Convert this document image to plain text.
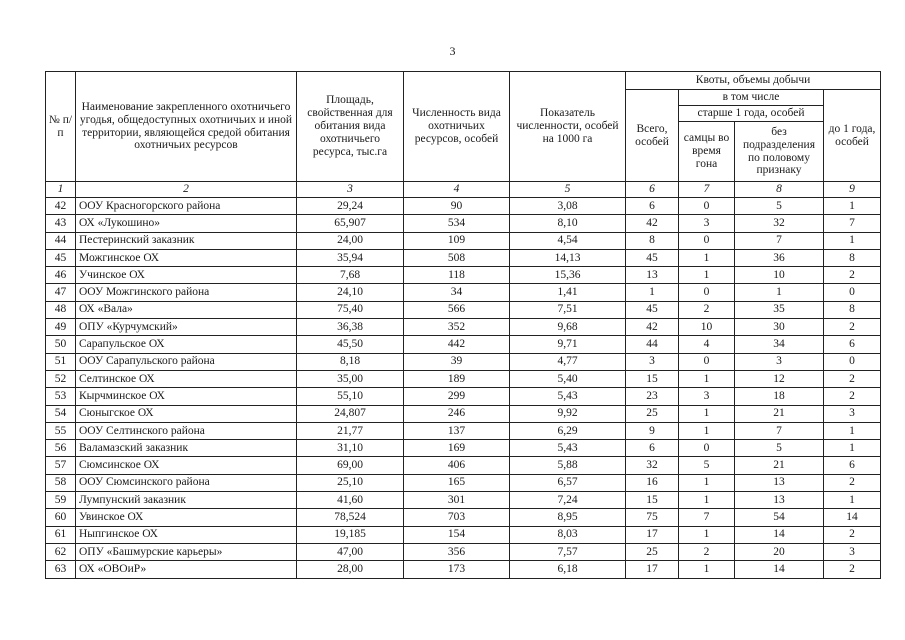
3
№ п/п	Наименование закрепленного охотничьего угодья, общедоступных охотничьих и иной территории, являющейся средой обитания охотничьих ресурсов	Площадь, свойственная для обитания вида охотничьего ресурса, тыс.га	Численность вида охотничьих ресурсов, особей	Показатель численности, особей на 1000 га	Квоты, объемы добычи			
					Всего, особей	в том числе		до 1 года, особей
						старше 1 года, особей		
						самцы во время гона	без подразделения по половому признаку	
1	2	3	4	5	6	7	8	9
42	ООУ Красногорского района	29,24	90	3,08	6	0	5	1
43	ОХ «Лукошино»	65,907	534	8,10	42	3	32	7
44	Пестеринский заказник	24,00	109	4,54	8	0	7	1
45	Можгинское ОХ	35,94	508	14,13	45	1	36	8
46	Учинское ОХ	7,68	118	15,36	13	1	10	2
47	ООУ Можгинского района	24,10	34	1,41	1	0	1	0
48	ОХ «Вала»	75,40	566	7,51	45	2	35	8
49	ОПУ «Курчумский»	36,38	352	9,68	42	10	30	2
50	Сарапульское ОХ	45,50	442	9,71	44	4	34	6
51	ООУ Сарапульского района	8,18	39	4,77	3	0	3	0
52	Селтинское ОХ	35,00	189	5,40	15	1	12	2
53	Кырчминское ОХ	55,10	299	5,43	23	3	18	2
54	Сюныгское ОХ	24,807	246	9,92	25	1	21	3
55	ООУ Селтинского района	21,77	137	6,29	9	1	7	1
56	Валамазский заказник	31,10	169	5,43	6	0	5	1
57	Сюмсинское ОХ	69,00	406	5,88	32	5	21	6
58	ООУ Сюмсинского района	25,10	165	6,57	16	1	13	2
59	Лумпунский заказник	41,60	301	7,24	15	1	13	1
60	Увинское ОХ	78,524	703	8,95	75	7	54	14
61	Ныпгинское ОХ	19,185	154	8,03	17	1	14	2
62	ОПУ «Башмурские карьеры»	47,00	356	7,57	25	2	20	3
63	ОХ «ОВОиР»	28,00	173	6,18	17	1	14	2
